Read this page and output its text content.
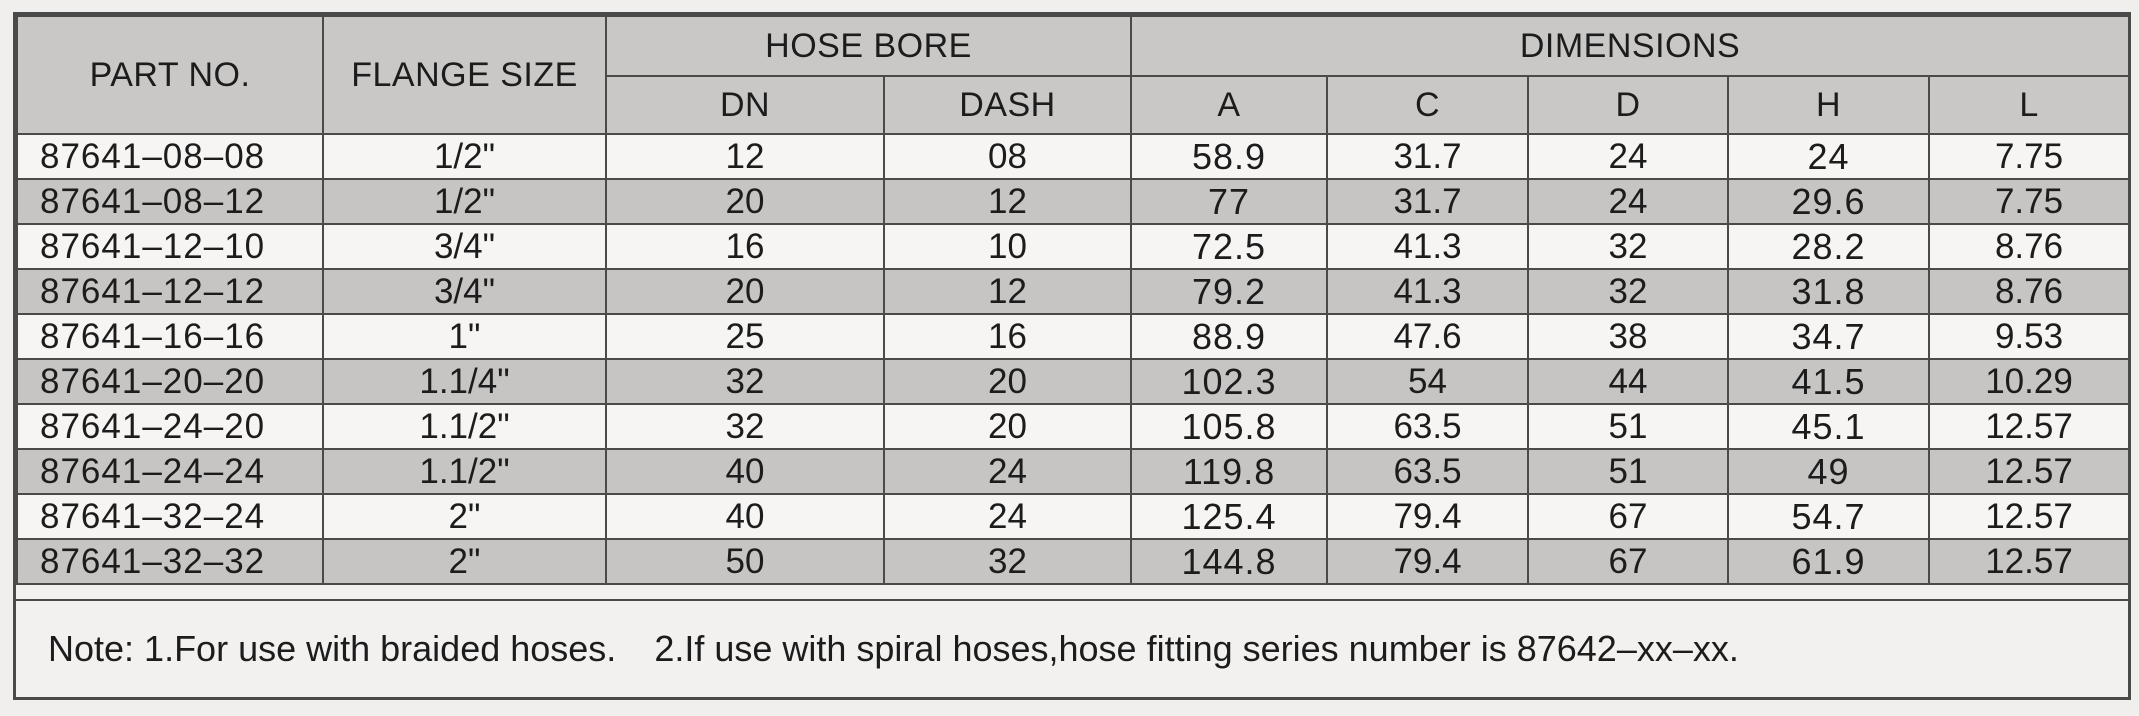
PART NO.	FLANGE SIZE	HOSE BORE		DIMENSIONS				
		DN	DASH	A	C	D	H	L
87641–08–08	1/2"	12	08	58.9	31.7	24	24	7.75
87641–08–12	1/2"	20	12	77	31.7	24	29.6	7.75
87641–12–10	3/4"	16	10	72.5	41.3	32	28.2	8.76
87641–12–12	3/4"	20	12	79.2	41.3	32	31.8	8.76
87641–16–16	1"	25	16	88.9	47.6	38	34.7	9.53
87641–20–20	1.1/4"	32	20	102.3	54	44	41.5	10.29
87641–24–20	1.1/2"	32	20	105.8	63.5	51	45.1	12.57
87641–24–24	1.1/2"	40	24	119.8	63.5	51	49	12.57
87641–32–24	2"	40	24	125.4	79.4	67	54.7	12.57
87641–32–32	2"	50	32	144.8	79.4	67	61.9	12.57
Note: 1.For use with braided hoses. 2.If use with spiral hoses,hose fitting series number is 87642–xx–xx.
